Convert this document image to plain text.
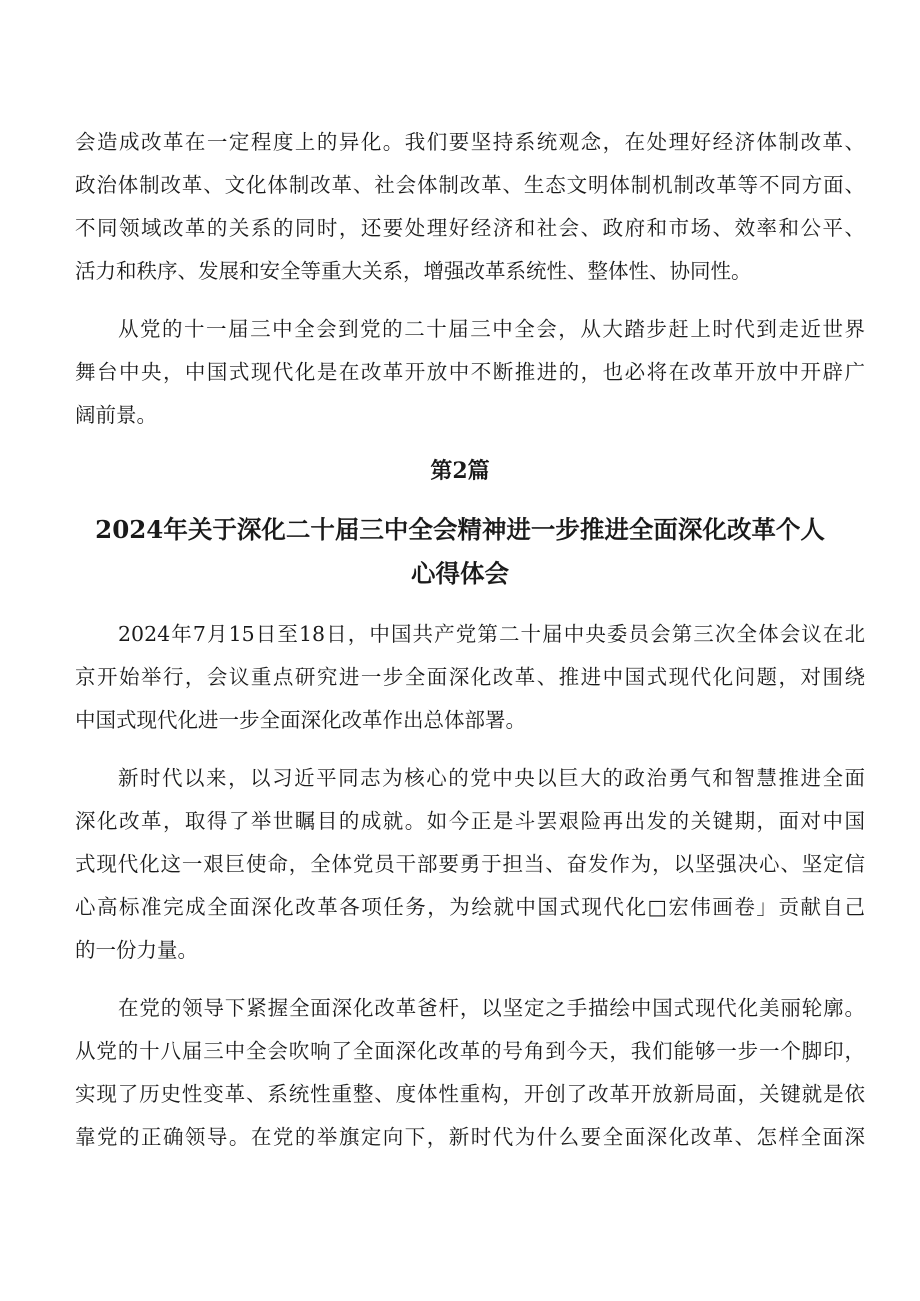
会造成改革在一定程度上的异化。我们要坚持系统观念，在处理好经济体制改革、
政治体制改革、文化体制改革、社会体制改革、生态文明体制机制改革等不同方面、
不同领域改革的关系的同时，还要处理好经济和社会、政府和市场、效率和公平、
活力和秩序、发展和安全等重大关系，增强改革系统性、整体性、协同性。
从党的十一届三中全会到党的二十届三中全会，从大踏步赶上时代到走近世界
舞台中央，中国式现代化是在改革开放中不断推进的，也必将在改革开放中开辟广
阔前景。
第2篇
2024年关于深化二十届三中全会精神进一步推进全面深化改革个人
心得体会
2024年7月15日至18日，中国共产党第二十届中央委员会第三次全体会议在北
京开始举行，会议重点研究进一步全面深化改革、推进中国式现代化问题，对围绕
中国式现代化进一步全面深化改革作出总体部署。
新时代以来，以习近平同志为核心的党中央以巨大的政治勇气和智慧推进全面
深化改革，取得了举世瞩目的成就。如今正是斗罢艰险再出发的关键期，面对中国
式现代化这一艰巨使命，全体党员干部要勇于担当、奋发作为，以坚强决心、坚定信
心高标准完成全面深化改革各项任务，为绘就中国式现代化□宏伟画卷」贡献自己
的一份力量。
在党的领导下紧握全面深化改革爸杆，以坚定之手描绘中国式现代化美丽轮廓。
从党的十八届三中全会吹响了全面深化改革的号角到今天，我们能够一步一个脚印，
实现了历史性变革、系统性重整、度体性重构，开创了改革开放新局面，关键就是依
靠党的正确领导。在党的举旗定向下，新时代为什么要全面深化改革、怎样全面深
